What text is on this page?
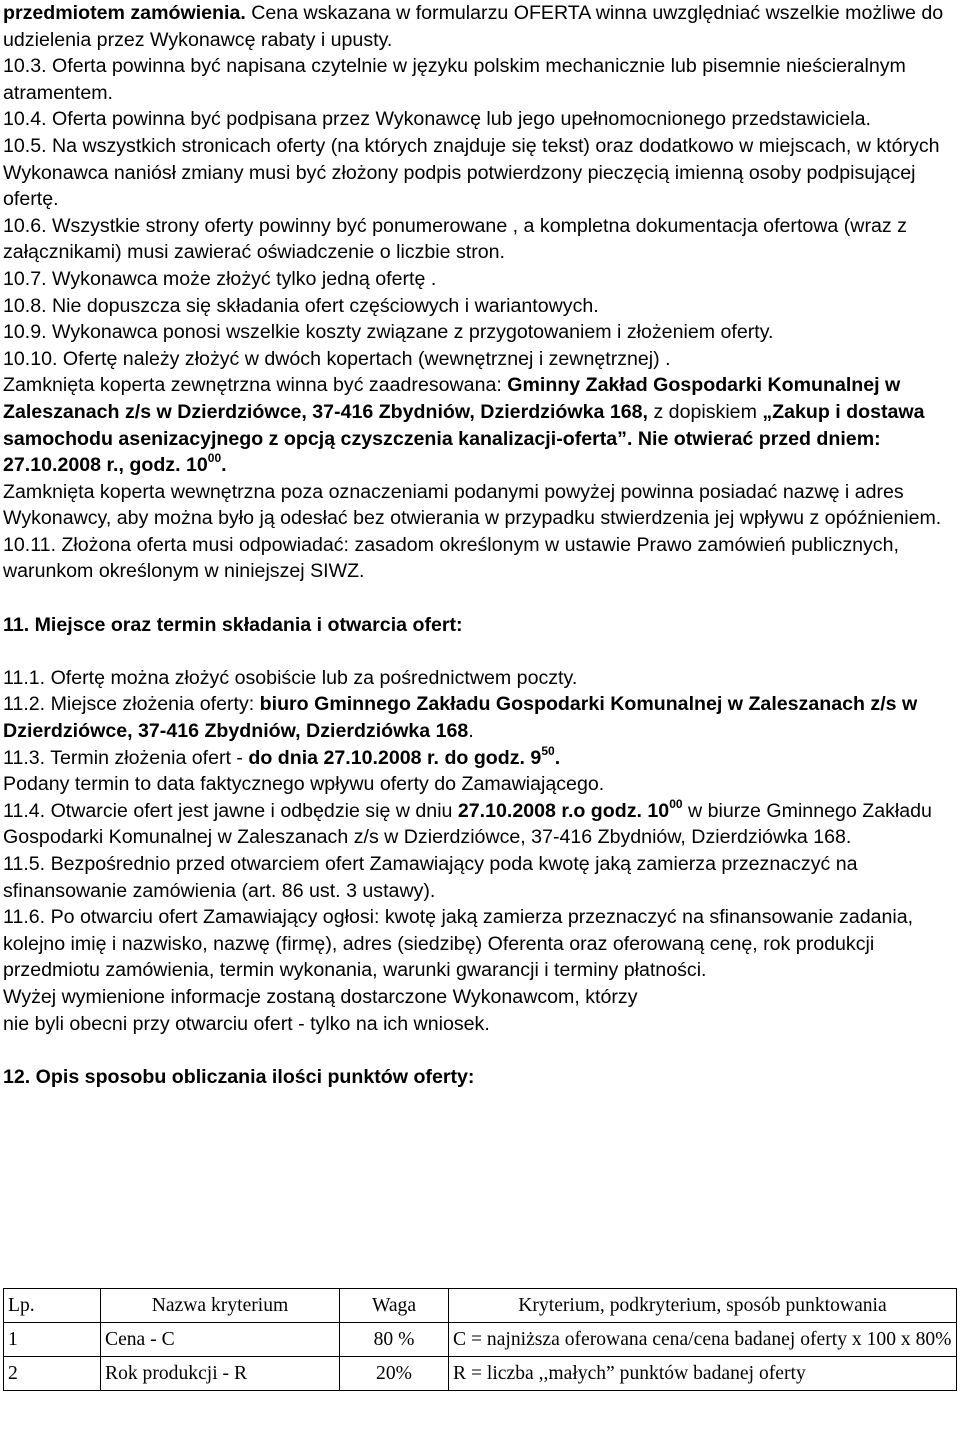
przedmiotem zamówienia. Cena wskazana w formularzu OFERTA winna uwzględniać wszelkie możliwe do udzielenia przez Wykonawcę rabaty i upusty.

10.3. Oferta powinna być napisana czytelnie w języku polskim mechanicznie lub pisemnie nieścieralnym atramentem.

10.4. Oferta powinna być podpisana przez Wykonawcę lub jego upełnomocnionego przedstawiciela.

10.5. Na wszystkich stronicach oferty (na których znajduje się tekst) oraz dodatkowo w miejscach, w których Wykonawca naniósł zmiany musi być złożony podpis potwierdzony pieczęcią imienną osoby podpisującej ofertę.

10.6. Wszystkie strony oferty powinny być ponumerowane , a kompletna dokumentacja ofertowa (wraz z załącznikami) musi zawierać oświadczenie o liczbie stron.

10.7. Wykonawca może złożyć tylko jedną ofertę .

10.8. Nie dopuszcza się składania ofert częściowych i wariantowych.

10.9. Wykonawca ponosi wszelkie koszty związane z przygotowaniem i złożeniem oferty.

10.10. Ofertę należy złożyć w dwóch kopertach (wewnętrznej i zewnętrznej) .

Zamknięta koperta zewnętrzna winna być zaadresowana: Gminny Zakład Gospodarki Komunalnej w Zaleszanach z/s w Dzierdziówce, 37-416 Zbydniów, Dzierdziówka 168, z dopiskiem „Zakup i dostawa samochodu asenizacyjnego z opcją czyszczenia kanalizacji-oferta”. Nie otwierać przed dniem: 27.10.2008 r., godz. $10^{00}$.

Zamknięta koperta wewnętrzna poza oznaczeniami podanymi powyżej powinna posiadać nazwę i adres Wykonawcy, aby można było ją odesłać bez otwierania w przypadku stwierdzenia jej wpływu z opóźnieniem.

10.11. Złożona oferta musi odpowiadać: zasadom określonym w ustawie Prawo zamówień publicznych, warunkom określonym w niniejszej SIWZ.

11. Miejsce oraz termin składania i otwarcia ofert:

11.1. Ofertę można złożyć osobiście lub za pośrednictwem poczty.

11.2. Miejsce złożenia oferty: biuro Gminnego Zakładu Gospodarki Komunalnej w Zaleszanach z/s w Dzierdziówce, 37-416 Zbydniów, Dzierdziówka 168.

11.3. Termin złożenia ofert - do dnia 27.10.2008 r. do godz. $9^{50}$.

Podany termin to data faktycznego wpływu oferty do Zamawiającego.

11.4. Otwarcie ofert jest jawne i odbędzie się w dniu 27.10.2008 r.o godz. $10^{00}$ w biurze Gminnego Zakładu Gospodarki Komunalnej w Zaleszanach z/s w Dzierdziówce, 37-416 Zbydniów, Dzierdziówka 168.

11.5. Bezpośrednio przed otwarciem ofert Zamawiający poda kwotę jaką zamierza przeznaczyć na sfinansowanie zamówienia (art. 86 ust. 3 ustawy).

11.6. Po otwarciu ofert Zamawiający ogłosi: kwotę jaką zamierza przeznaczyć na sfinansowanie zadania, kolejno imię i nazwisko, nazwę (firmę), adres (siedzibę) Oferenta oraz oferowaną cenę, rok produkcji przedmiotu zamówienia, termin wykonania, warunki gwarancji i terminy płatności.

Wyżej wymienione informacje zostaną dostarczone Wykonawcom, którzy

nie byli obecni przy otwarciu ofert - tylko na ich wniosek.

12. Opis sposobu obliczania ilości punktów oferty:

Lp.	Nazwa kryterium	Waga	Kryterium, podkryterium, sposób punktowania
1	Cena - C	80 %	C = najniższa oferowana cena/cena badanej oferty x 100 x 80%
2	Rok produkcji - R	20%	R = liczba ,,małych” punktów badanej oferty
